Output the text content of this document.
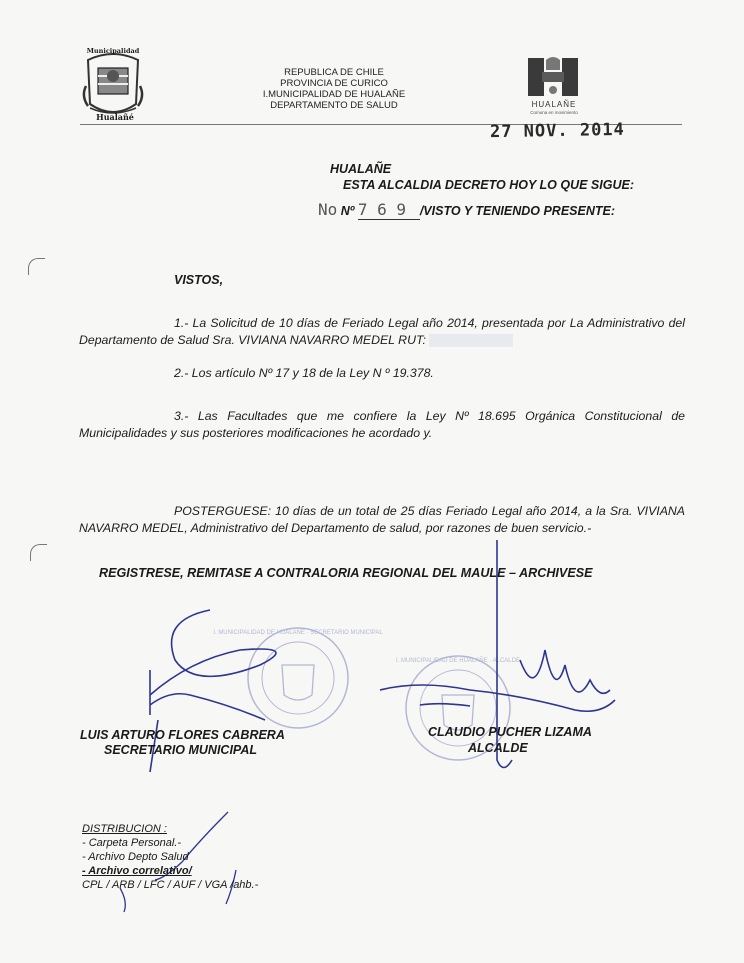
Municipalidad
Hualañé
REPUBLICA DE CHILE
PROVINCIA DE CURICO
I.MUNICIPALIDAD DE HUALAÑE
DEPARTAMENTO DE SALUD	HUALAÑE
Comuna en movimiento
27 NOV. 2014
HUALAÑE
ESTA ALCALDIA DECRETO HOY LO QUE SIGUE:
No Nº 7 6 9 /VISTO Y TENIENDO PRESENTE:
VISTOS,
1.- La Solicitud de 10 días de Feriado Legal año 2014, presentada por La Administrativo del Departamento de Salud Sra. VIVIANA NAVARRO MEDEL RUT:
2.- Los artículo Nº 17 y 18 de la Ley N º 19.378.
3.- Las Facultades que me confiere la Ley Nº 18.695 Orgánica Constitucional de Municipalidades y sus posteriores modificaciones he acordado y.
POSTERGUESE: 10 días de un total de 25 días Feriado Legal año 2014, a la Sra. VIVIANA NAVARRO MEDEL, Administrativo del Departamento de salud, por razones de buen servicio.-
REGISTRESE, REMITASE A CONTRALORIA REGIONAL DEL MAULE – ARCHIVESE
I. MUNICIPALIDAD DE HUALAÑE · SECRETARIO MUNICIPAL
I. MUNICIPALIDAD DE HUALAÑE · ALCALDE
LUIS ARTURO FLORES CABRERA
SECRETARIO MUNICIPAL
CLAUDIO PUCHER LIZAMA
ALCALDE
DISTRIBUCION :
- Carpeta Personal.-
- Archivo Depto Salud
- Archivo correlativo/
CPL / ARB / LFC / AUF / VGA /ahb.-
